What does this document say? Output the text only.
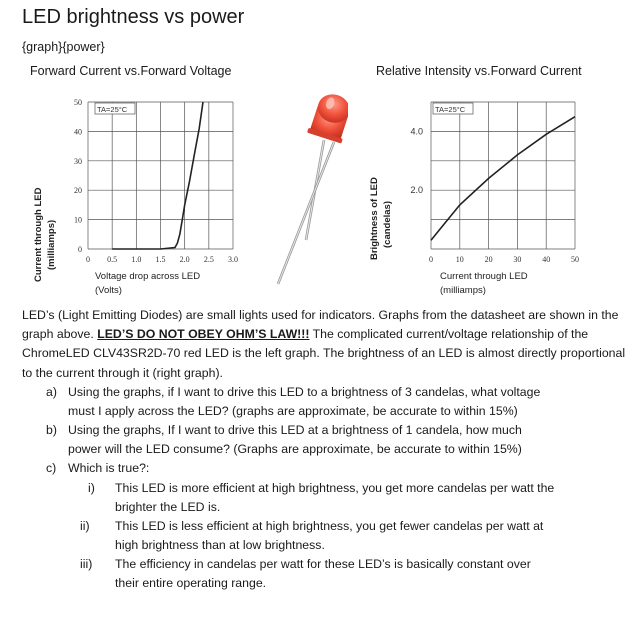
LED brightness vs power
{graph}{power}
Forward Current vs.Forward Voltage	Relative Intensity vs.Forward Current
TA=25°C
0
10
20
30
40
50
0 0.5 1.0 1.5 2.0 2.5 3.0
Current through LED (milliamps)
Voltage drop across LED
(Volts)
TA=25°C
2.0
4.0
0	10	20	30	40	50
Brightness of LED (candelas)
Current through LED
(milliamps)
LED’s (Light Emitting Diodes) are small lights used for indicators. Graphs from the datasheet are shown in the graph above. LED’S DO NOT OBEY OHM’S LAW!!! The complicated current/voltage relationship of the ChromeLED CLV43SR2D-70 red LED is the left graph. The brightness of an LED is almost directly proportional to the current through it (right graph).
a) Using the graphs, if I want to drive this LED to a brightness of 3 candelas, what voltage
must I apply across the LED? (graphs are approximate, be accurate to within 15%)
b) Using the graphs, If I want to drive this LED at a brightness of 1 candela, how much
power will the LED consume? (Graphs are approximate, be accurate to within 15%)
c) Which is true?:
i) This LED is more efficient at high brightness, you get more candelas per watt the
brighter the LED is.
ii) This LED is less efficient at high brightness, you get fewer candelas per watt at
high brightness than at low brightness.
iii) The efficiency in candelas per watt for these LED’s is basically constant over
their entire operating range.
